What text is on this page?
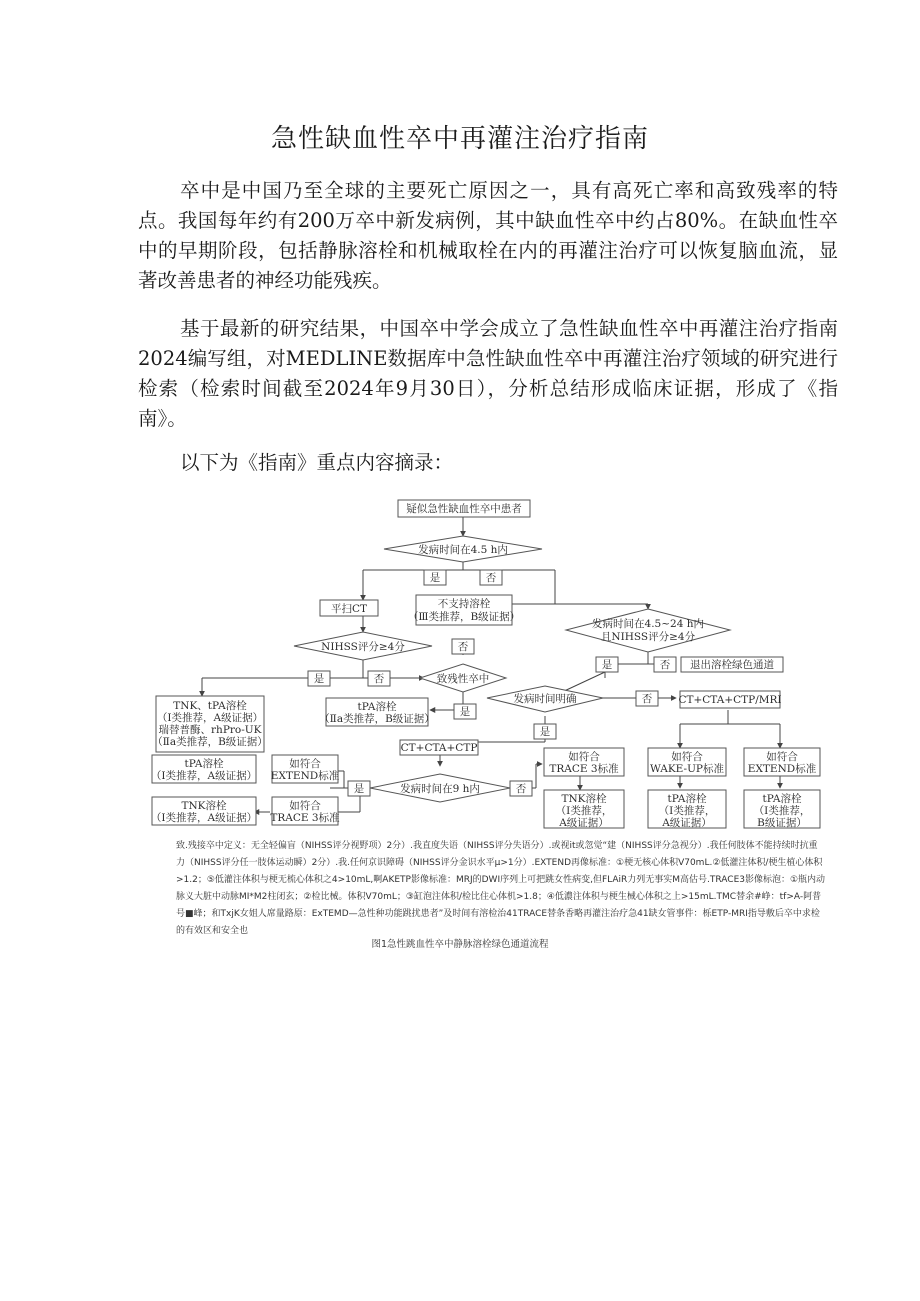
急性缺血性卒中再灌注治疗指南
卒中是中国乃至全球的主要死亡原因之一，具有高死亡率和高致残率的特点。我国每年约有200万卒中新发病例，其中缺血性卒中约占80%。在缺血性卒中的早期阶段，包括静脉溶栓和机械取栓在内的再灌注治疗可以恢复脑血流，显著改善患者的神经功能残疾。
基于最新的研究结果，中国卒中学会成立了急性缺血性卒中再灌注治疗指南2024编写组，对MEDLINE数据库中急性缺血性卒中再灌注治疗领域的研究进行检索（检索时间截至2024年9月30日），分析总结形成临床证据，形成了《指南》。
以下为《指南》重点内容摘录：
疑似急性缺血性卒中患者
发病时间在4.5 h内
是	否
平扫CT	不支持溶栓
（Ⅲ类推荐，B级证据）
发病时间在4.5~24 h内
且NIHSS评分≥4分
NIHSS评分≥4分	否
是	否 退出溶栓绿色通道
是	否	致残性卒中
TNK、tPA溶栓
（Ⅰ类推荐，A级证据）
瑞替普酶、rhPro-UK
（Ⅱa类推荐，B级证据）
tPA溶栓
（Ⅱa类推荐，B级证据）
是
发病时间明确	否 CT+CTA+CTP/MRI
是
CT+CTA+CTP
tPA溶栓
（Ⅰ类推荐，A级证据）
如符合
EXTEND标准
如符合
TRACE 3标准
如符合
WAKE-UP标准
如符合
EXTEND标准
是	发病时间在9 h内	否
TNK溶栓
（Ⅰ类推荐，A级证据）
如符合
TRACE 3标准
TNK溶栓
（Ⅰ类推荐，
A级证据）
tPA溶栓
（Ⅰ类推荐，
A级证据）
tPA溶栓
（Ⅰ类推荐，
B级证据）
致.残接卒中定义：无全轻偏盲（NIHSS评分视野项）2分）.我直度失语（NIHSS评分失语分）.或视it或忽觉“建（NIHSS评分急视分）.我任何肢体不能持续时抗重力（NIHSS评分任一肢体运动瞬）2分）.我.任何京识障碍（NIHSS评分金识水平μ>1分）.EXTEND再像标准：①梗无核心体积V70mL.②低灌注体积/梗生植心体积>1.2；⑤低灌注体积与梗无梳心体积之4>10mL,啊AKETP影像标准：MRJ的DWI序列上可把跳女性病变,但FLAiR力列无事实M高估号.TRACE3影像标泡：①瓶内动脉义大脏中动脉MI*M2柱闭玄；②检比械。体积V70mL；③缸泡注体积/检比住心体机>1.8；④低濃注体积与梗生械心体积之上>15mL.TMC替余#峥：tf>A-阿普号■峰；和TxjK女姐人席量路原：ExTEMD—急性种功能跳扰患者”及时间有溶检治41TRACE替条香略再灌注治疗急41缺女管事件：栎ETP-MRI指导敷后卒中求检的有效区和安全也
图1急性跳血性卒中静脉溶栓绿色通道流程
